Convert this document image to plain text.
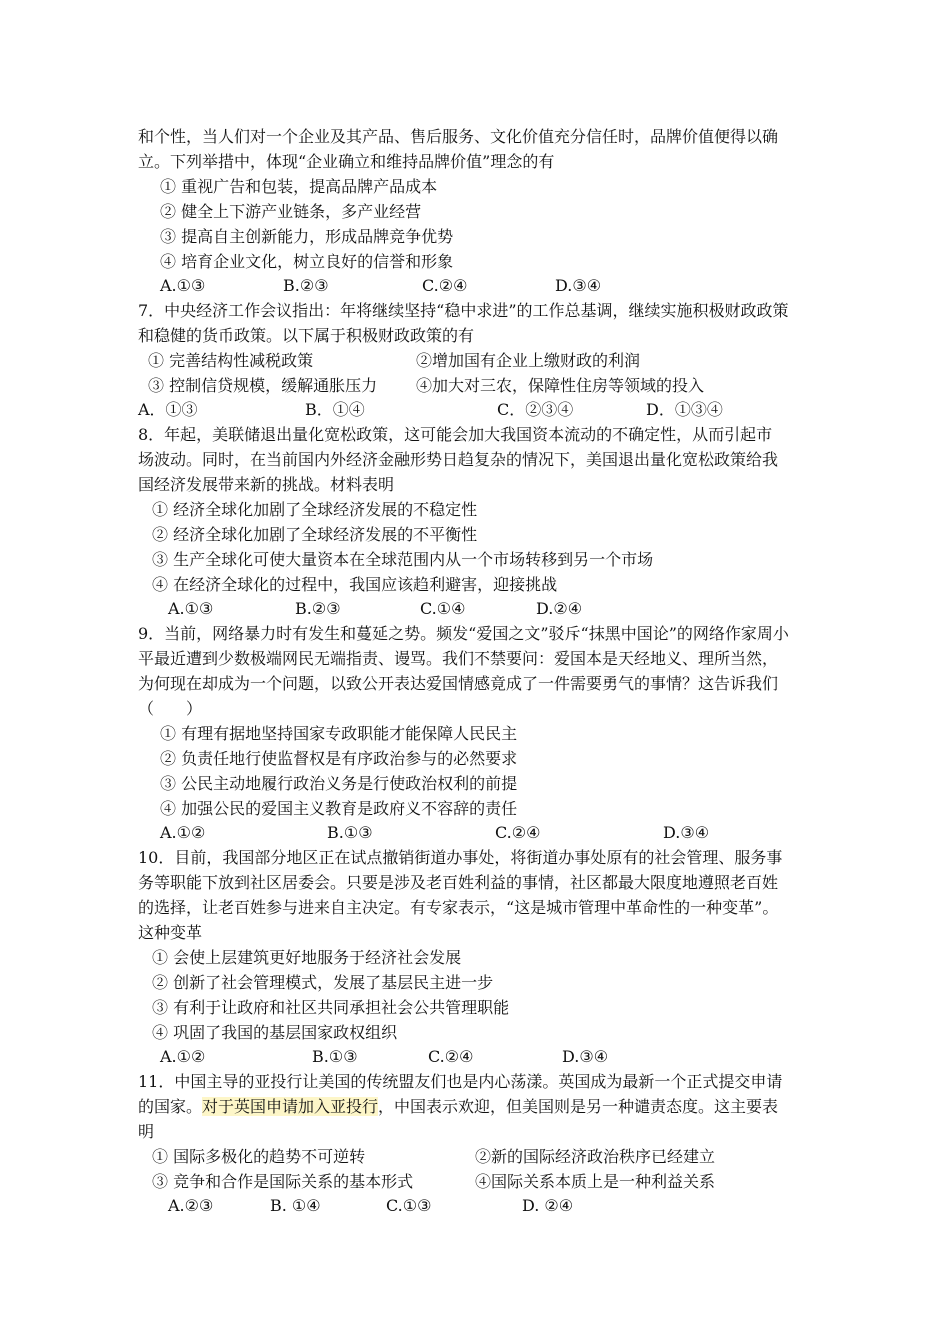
和个性，当人们对一个企业及其产品、售后服务、文化价值充分信任时，品牌价值便得以确
立。下列举措中，体现“企业确立和维持品牌价值”理念的有
① 重视广告和包装，提高品牌产品成本
② 健全上下游产业链条，多产业经营
③ 提高自主创新能力，形成品牌竞争优势
④ 培育企业文化，树立良好的信誉和形象
A.①③	B.②③	C.②④	D.③④
7．中央经济工作会议指出：年将继续坚持“稳中求进”的工作总基调，继续实施积极财政政策
和稳健的货币政策。以下属于积极财政政策的有
① 完善结构性减税政策	②增加国有企业上缴财政的利润
③ 控制信贷规模，缓解通胀压力 ④加大对三农，保障性住房等领域的投入
A．①③	B．①④	C．②③④	D．①③④
8．年起，美联储退出量化宽松政策，这可能会加大我国资本流动的不确定性，从而引起市
场波动。同时，在当前国内外经济金融形势日趋复杂的情况下，美国退出量化宽松政策给我
国经济发展带来新的挑战。材料表明
① 经济全球化加剧了全球经济发展的不稳定性
② 经济全球化加剧了全球经济发展的不平衡性
③ 生产全球化可使大量资本在全球范围内从一个市场转移到另一个市场
④ 在经济全球化的过程中，我国应该趋利避害，迎接挑战
A.①③	B.②③	C.①④	D.②④
9．当前，网络暴力时有发生和蔓延之势。频发“爱国之文”驳斥“抹黑中国论”的网络作家周小
平最近遭到少数极端网民无端指责、谩骂。我们不禁要问：爱国本是天经地义、理所当然，
为何现在却成为一个问题，以致公开表达爱国情感竟成了一件需要勇气的事情？这告诉我们
（　　）
① 有理有据地坚持国家专政职能才能保障人民民主
② 负责任地行使监督权是有序政治参与的必然要求
③ 公民主动地履行政治义务是行使政治权利的前提
④ 加强公民的爱国主义教育是政府义不容辞的责任
A.①②	B.①③	C.②④	D.③④
10．目前，我国部分地区正在试点撤销街道办事处，将街道办事处原有的社会管理、服务事
务等职能下放到社区居委会。只要是涉及老百姓利益的事情，社区都最大限度地遵照老百姓
的选择，让老百姓参与进来自主决定。有专家表示，“这是城市管理中革命性的一种变革”。
这种变革
① 会使上层建筑更好地服务于经济社会发展
② 创新了社会管理模式，发展了基层民主进一步
③ 有利于让政府和社区共同承担社会公共管理职能
④ 巩固了我国的基层国家政权组织
A.①②	B.①③	C.②④	D.③④
11．中国主导的亚投行让美国的传统盟友们也是内心荡漾。英国成为最新一个正式提交申请
的国家。对于英国申请加入亚投行，中国表示欢迎，但美国则是另一种谴责态度。这主要表
明
① 国际多极化的趋势不可逆转	②新的国际经济政治秩序已经建立
③ 竞争和合作是国际关系的基本形式	④国际关系本质上是一种利益关系
A.②③	B. ①④	C.①③	D. ②④
